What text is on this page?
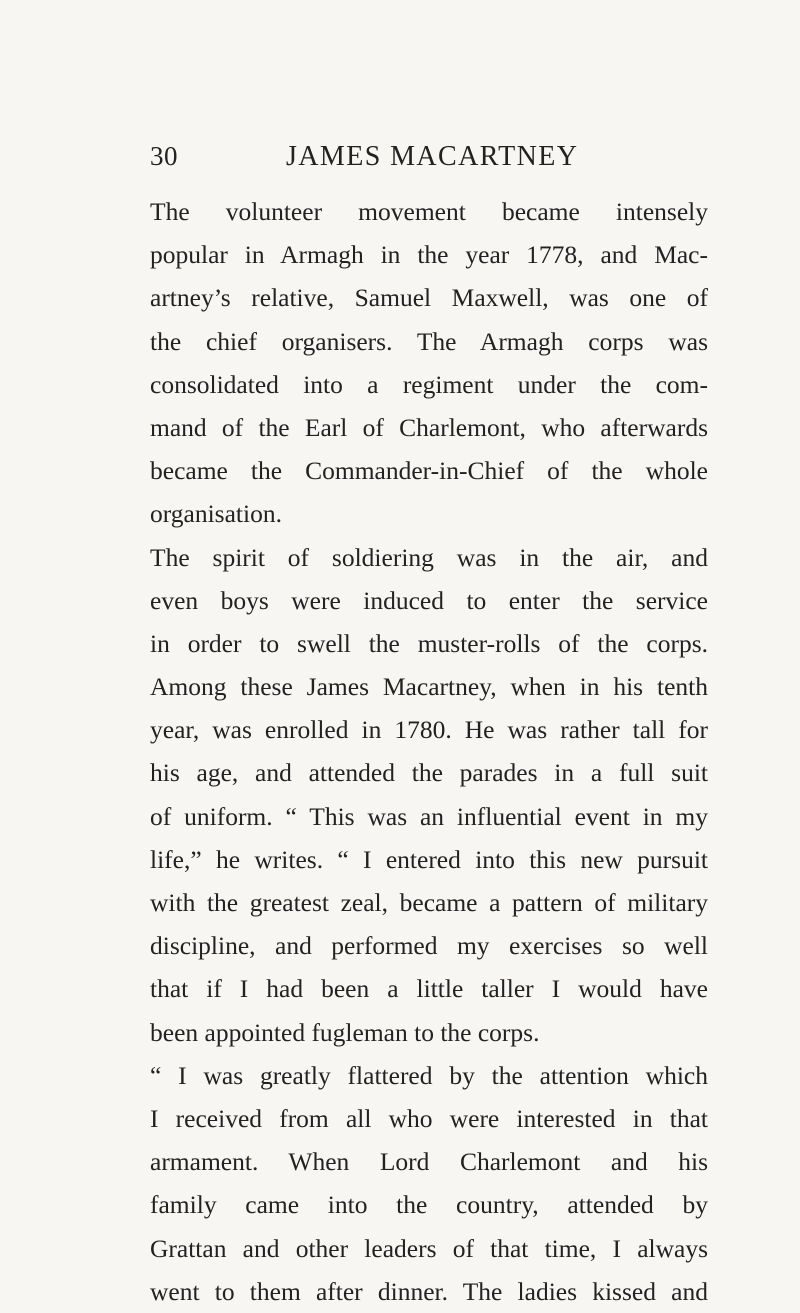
30	JAMES MACARTNEY
The volunteer movement became intensely
popular in Armagh in the year 1778, and Mac-
artney’s relative, Samuel Maxwell, was one of
the chief organisers. The Armagh corps was
consolidated into a regiment under the com-
mand of the Earl of Charlemont, who afterwards
became the Commander-in-Chief of the whole
organisation.
The spirit of soldiering was in the air, and
even boys were induced to enter the service
in order to swell the muster-rolls of the corps.
Among these James Macartney, when in his tenth
year, was enrolled in 1780. He was rather tall for
his age, and attended the parades in a full suit
of uniform. “ This was an influential event in my
life,” he writes. “ I entered into this new pursuit
with the greatest zeal, became a pattern of military
discipline, and performed my exercises so well
that if I had been a little taller I would have
been appointed fugleman to the corps.
“ I was greatly flattered by the attention which
I received from all who were interested in that
armament. When Lord Charlemont and his
family came into the country, attended by
Grattan and other leaders of that time, I always
went to them after dinner. The ladies kissed and
